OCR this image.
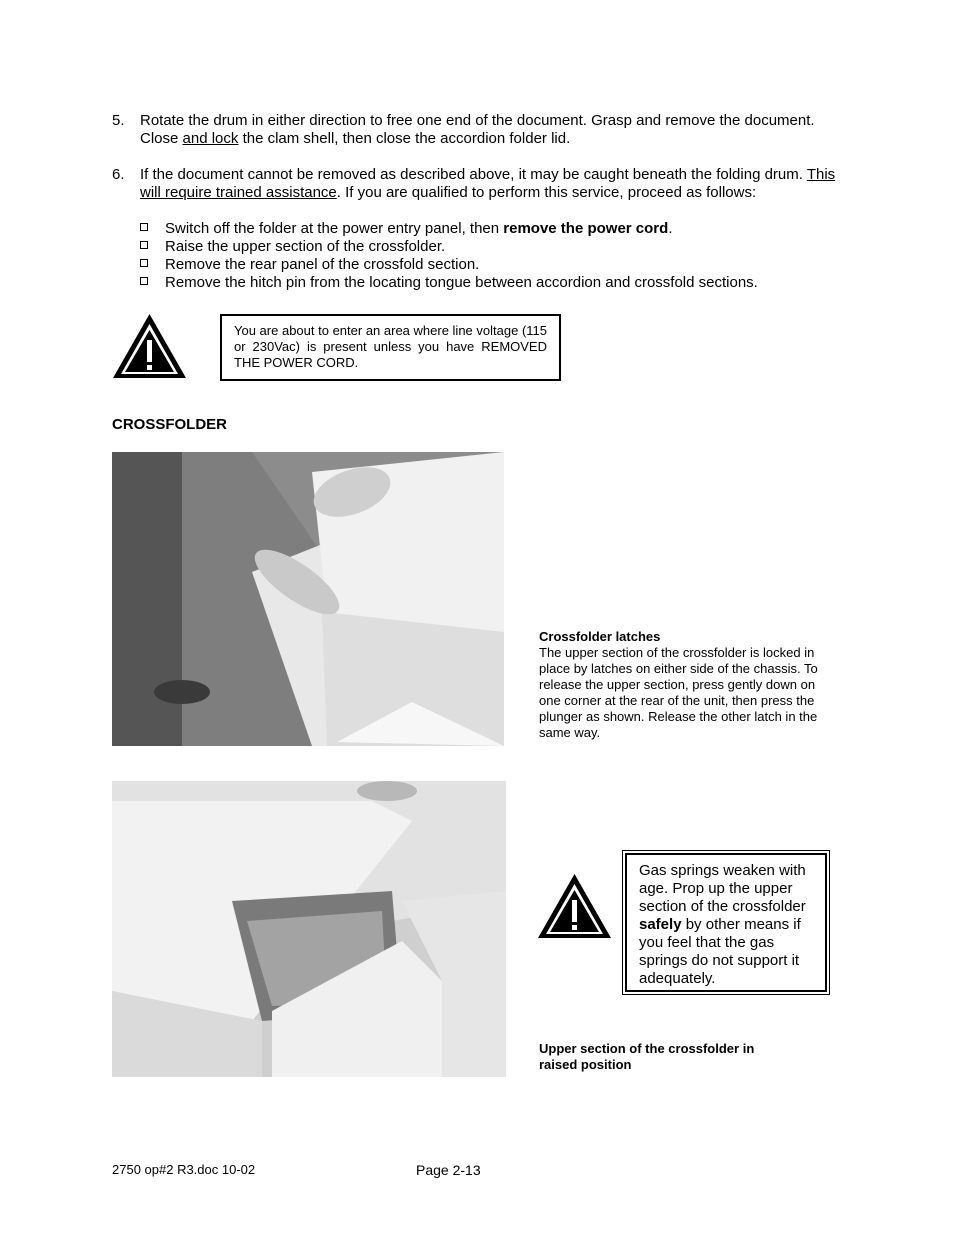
5. Rotate the drum in either direction to free one end of the document. Grasp and remove the document. Close and lock the clam shell, then close the accordion folder lid.
6. If the document cannot be removed as described above, it may be caught beneath the folding drum. This will require trained assistance. If you are qualified to perform this service, proceed as follows:
Switch off the folder at the power entry panel, then remove the power cord.
Raise the upper section of the crossfolder.
Remove the rear panel of the crossfold section.
Remove the hitch pin from the locating tongue between accordion and crossfold sections.
You are about to enter an area where line voltage (115 or 230Vac) is present unless you have REMOVED THE POWER CORD.
CROSSFOLDER
Crossfolder latches
The upper section of the crossfolder is locked in place by latches on either side of the chassis. To release the upper section, press gently down on one corner at the rear of the unit, then press the plunger as shown. Release the other latch in the same way.
Gas springs weaken with age. Prop up the upper section of the crossfolder safely by other means if you feel that the gas springs do not support it adequately.
Upper section of the crossfolder in raised position
2750 op#2 R3.doc 10-02	Page 2-13
